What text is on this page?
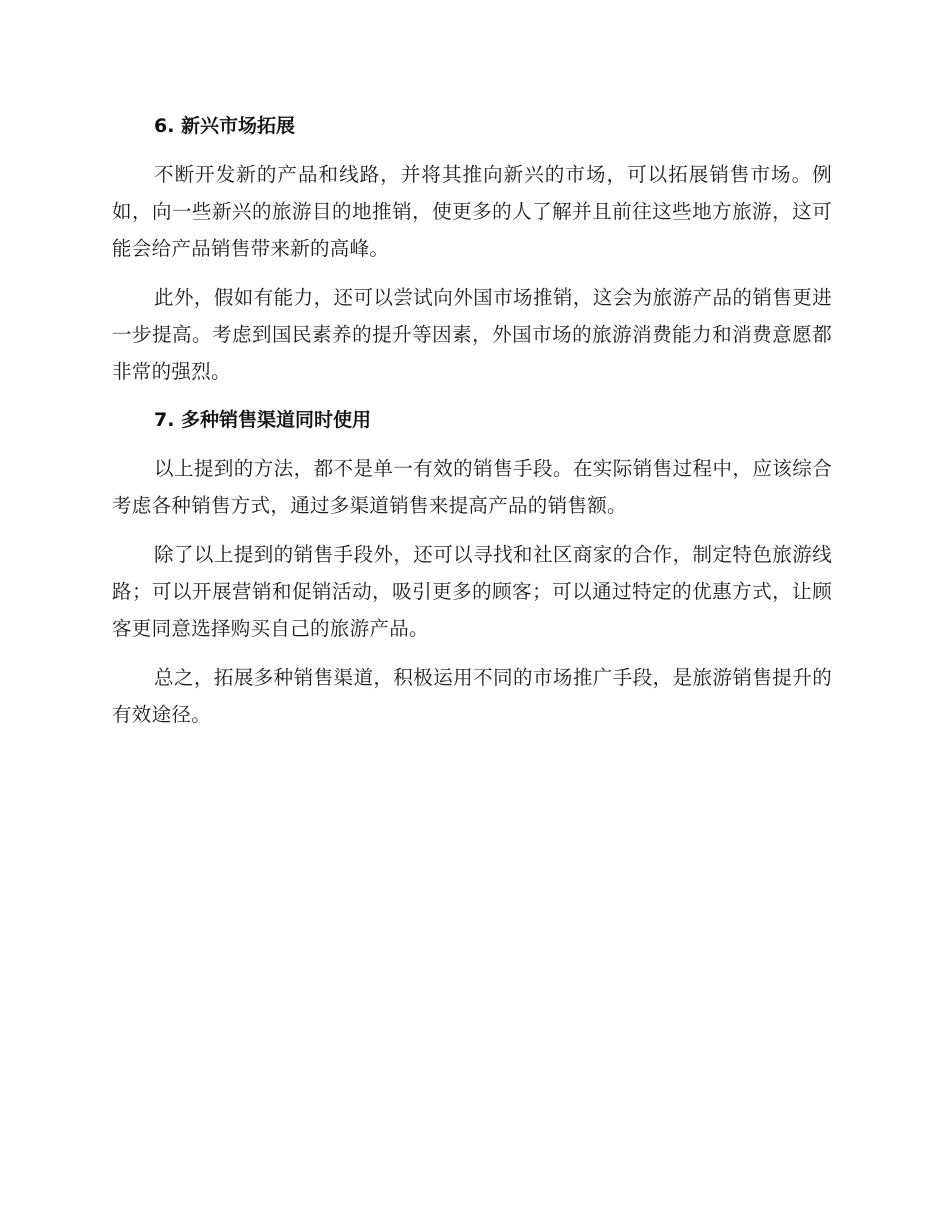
6. 新兴市场拓展

不断开发新的产品和线路，并将其推向新兴的市场，可以拓展销售市场。例如，向一些新兴的旅游目的地推销，使更多的人了解并且前往这些地方旅游，这可能会给产品销售带来新的高峰。

此外，假如有能力，还可以尝试向外国市场推销，这会为旅游产品的销售更进一步提高。考虑到国民素养的提升等因素，外国市场的旅游消费能力和消费意愿都非常的强烈。

7. 多种销售渠道同时使用

以上提到的方法，都不是单一有效的销售手段。在实际销售过程中，应该综合考虑各种销售方式，通过多渠道销售来提高产品的销售额。

除了以上提到的销售手段外，还可以寻找和社区商家的合作，制定特色旅游线路；可以开展营销和促销活动，吸引更多的顾客；可以通过特定的优惠方式，让顾客更同意选择购买自己的旅游产品。

总之，拓展多种销售渠道，积极运用不同的市场推广手段，是旅游销售提升的有效途径。
